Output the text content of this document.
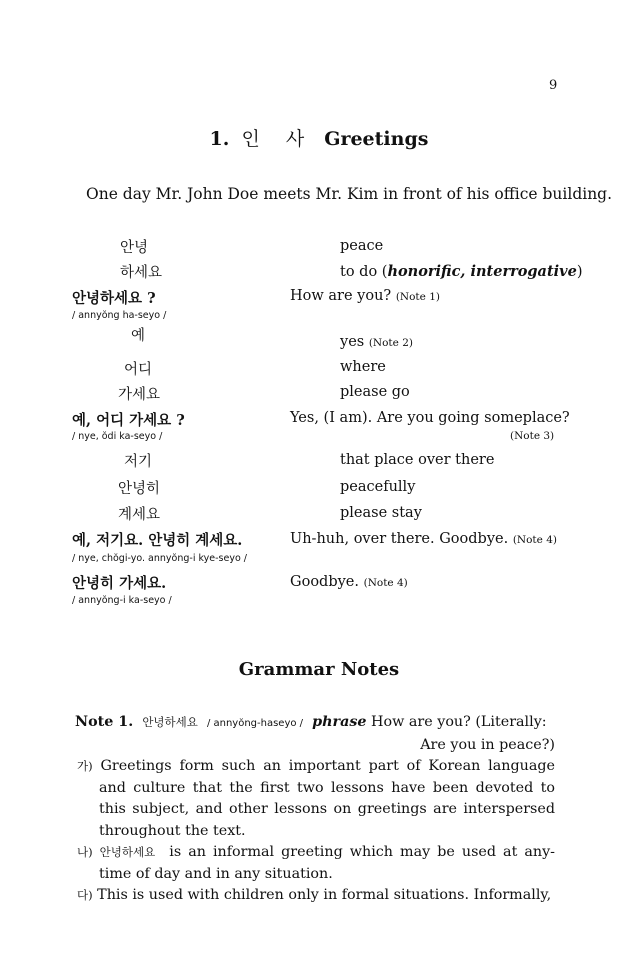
9
1. 인 사 Greetings
One day Mr. John Doe meets Mr. Kim in front of his office building.
안녕	peace
하세요	to do (honorific, interrogative)
안녕하세요 ?	How are you? (Note 1)
/ annyŏng ha-seyo /
예	yes (Note 2)
어디	where
가세요	please go
예, 어디 가세요 ?	Yes, (I am). Are you going someplace?
/ nye, ŏdi ka-seyo /	(Note 3)
저기	that place over there
안녕히	peacefully
계세요	please stay
예, 저기요. 안녕히 계세요.	Uh-huh, over there. Goodbye. (Note 4)
/ nye, chŏgi-yo. annyŏng-i kye-seyo /
안녕히 가세요.	Goodbye. (Note 4)
/ annyŏng-i ka-seyo /
Grammar Notes
Note 1. 안녕하세요 / annyŏng-haseyo / phrase How are you? (Literally:
Are you in peace?)
가) Greetings form such an important part of Korean language and culture that the first two lessons have been devoted to this subject, and other lessons on greetings are interspersed throughout the text.
나) 안녕하세요 is an informal greeting which may be used at any-time of day and in any situation.
다) This is used with children only in formal situations. Informally,
